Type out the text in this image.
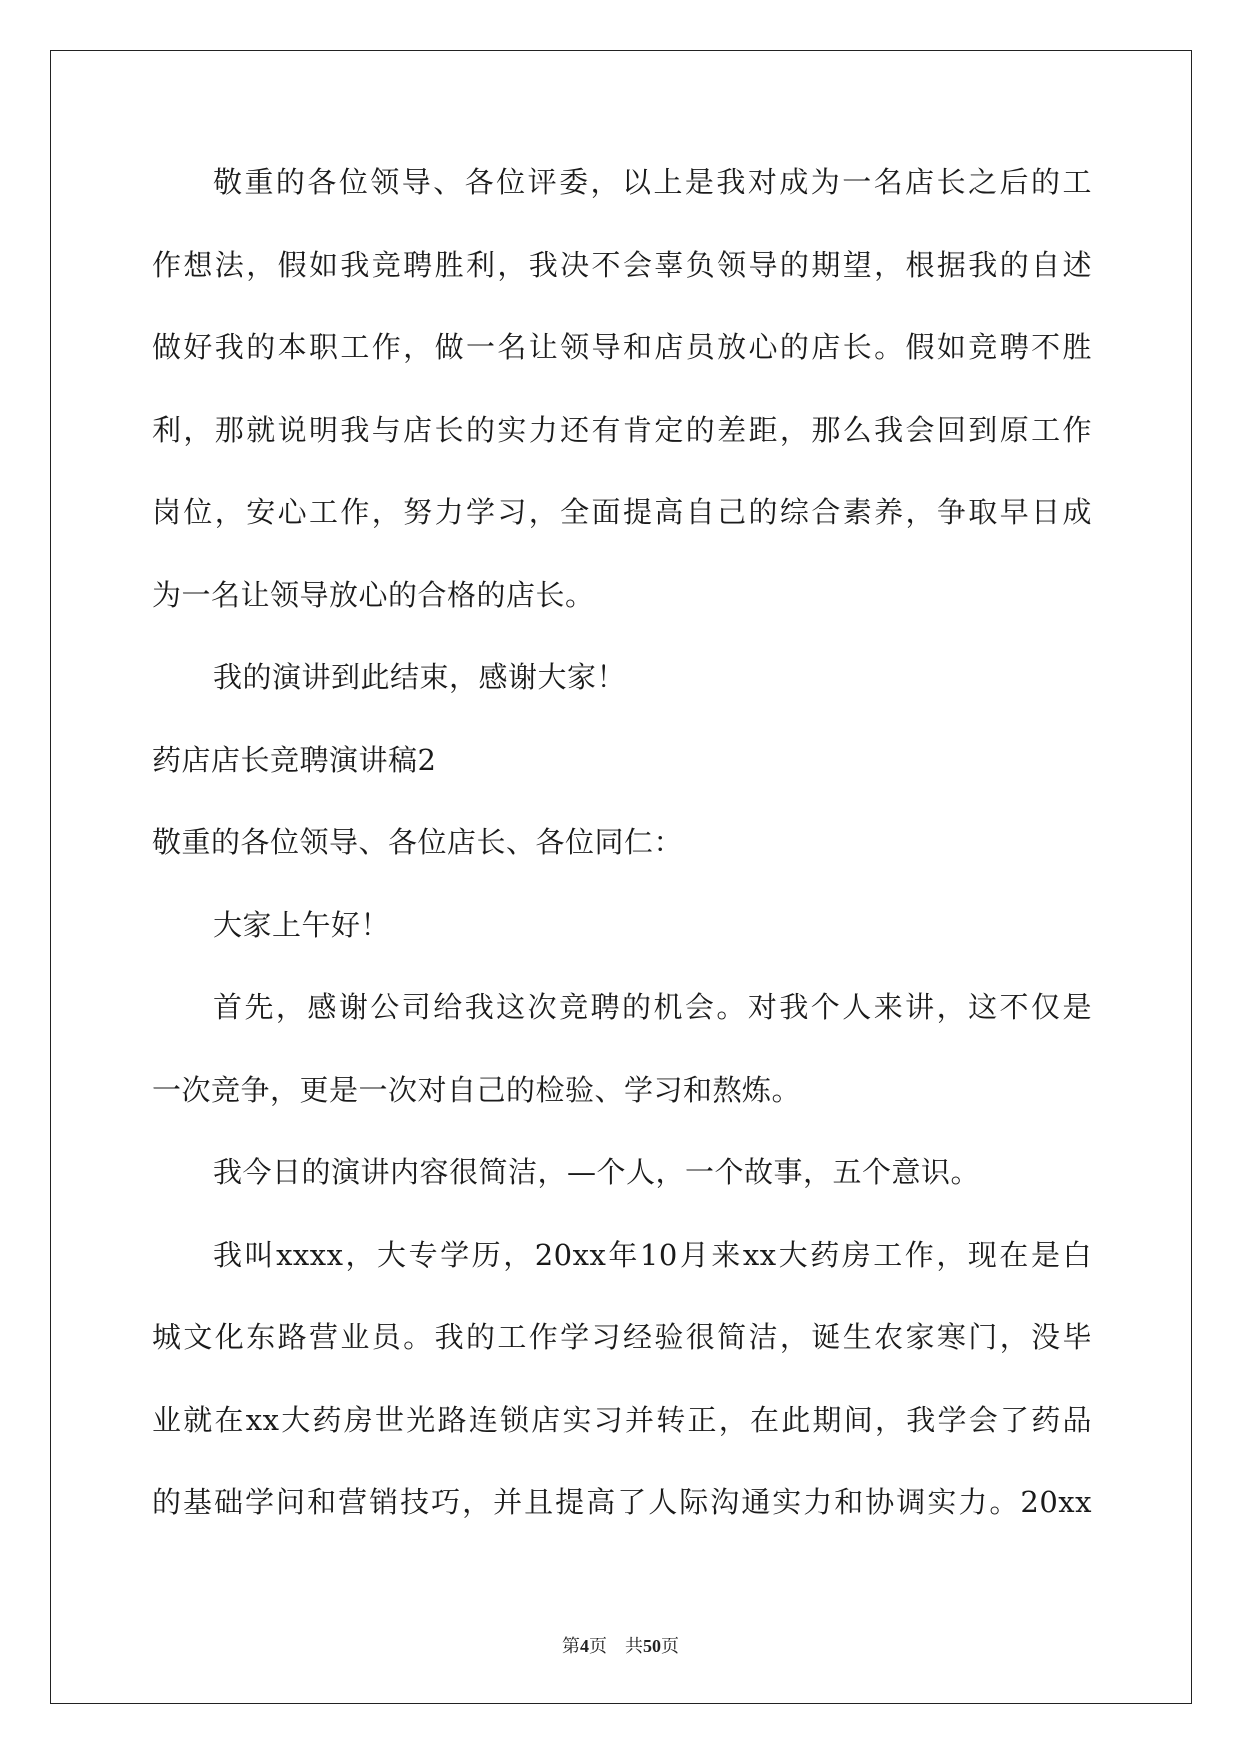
敬重的各位领导、各位评委，以上是我对成为一名店长之后的工
作想法，假如我竞聘胜利，我决不会辜负领导的期望，根据我的自述
做好我的本职工作，做一名让领导和店员放心的店长。假如竞聘不胜
利，那就说明我与店长的实力还有肯定的差距，那么我会回到原工作
岗位，安心工作，努力学习，全面提高自己的综合素养，争取早日成
为一名让领导放心的合格的店长。
我的演讲到此结束，感谢大家！
药店店长竞聘演讲稿2
敬重的各位领导、各位店长、各位同仁：
大家上午好！
首先，感谢公司给我这次竞聘的机会。对我个人来讲，这不仅是
一次竞争，更是一次对自己的检验、学习和熬炼。
我今日的演讲内容很简洁，—个人，一个故事，五个意识。
我叫xxxx，大专学历，20xx年10月来xx大药房工作，现在是白
城文化东路营业员。我的工作学习经验很简洁，诞生农家寒门，没毕
业就在xx大药房世光路连锁店实习并转正，在此期间，我学会了药品
的基础学问和营销技巧，并且提高了人际沟通实力和协调实力。20xx
第4页 共50页
